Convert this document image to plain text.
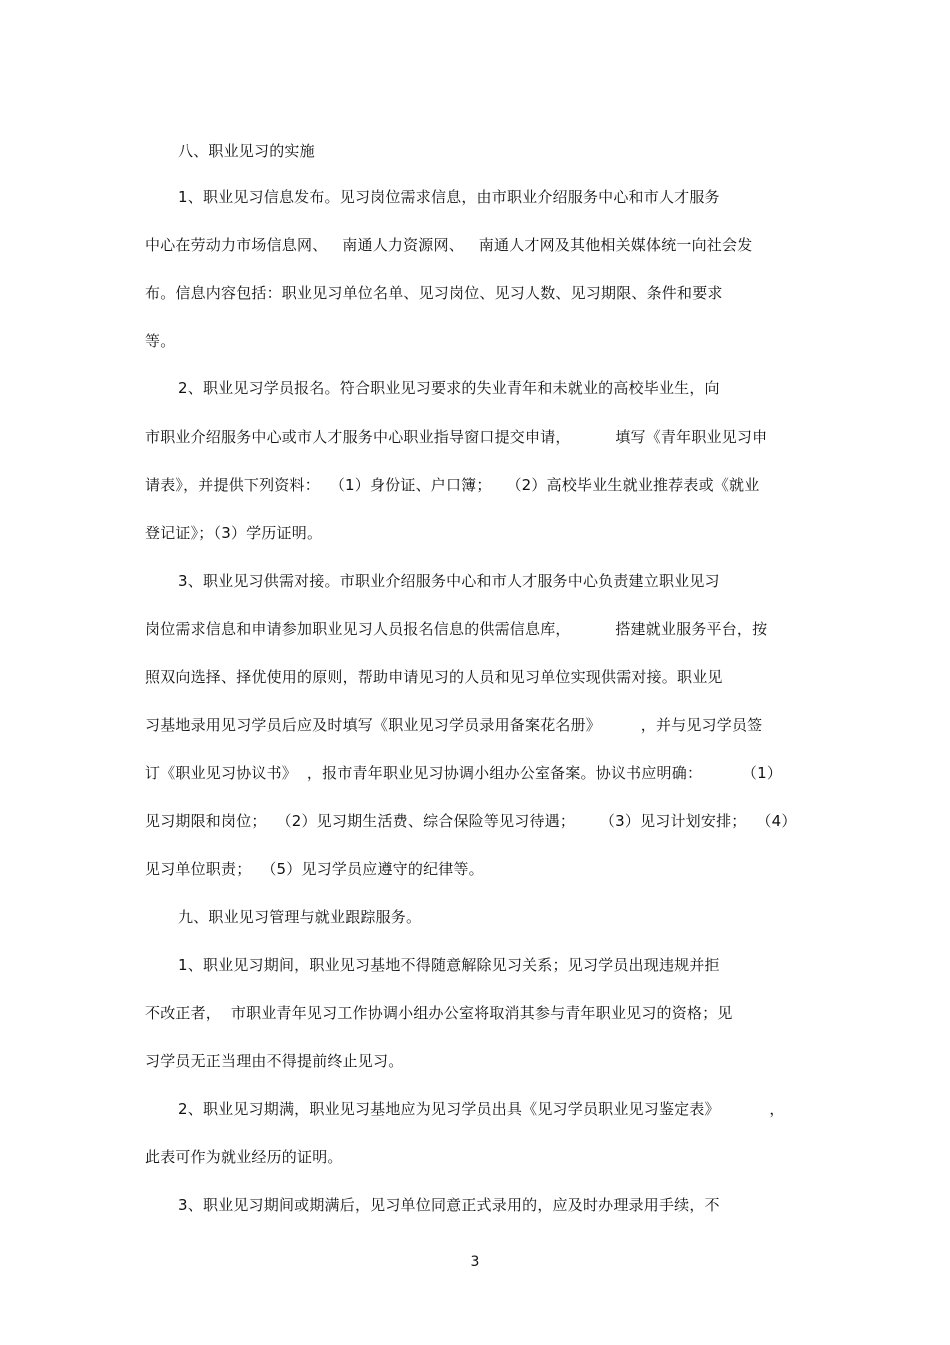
八、职业见习的实施
1、职业见习信息发布。见习岗位需求信息，由市职业介绍服务中心和市人才服务
中心在劳动力市场信息网、   南通人力资源网、   南通人才网及其他相关媒体统一向社会发
布。信息内容包括：职业见习单位名单、见习岗位、见习人数、见习期限、条件和要求
等。
2、职业见习学员报名。符合职业见习要求的失业青年和未就业的高校毕业生，向
市职业介绍服务中心或市人才服务中心职业指导窗口提交申请，         填写《青年职业见习申
请表》，并提供下列资料：  （1）身份证、户口簿；   （2）高校毕业生就业推荐表或《就业
登记证》；（3）学历证明。
3、职业见习供需对接。市职业介绍服务中心和市人才服务中心负责建立职业见习
岗位需求信息和申请参加职业见习人员报名信息的供需信息库，         搭建就业服务平台，按
照双向选择、择优使用的原则，帮助申请见习的人员和见习单位实现供需对接。职业见
习基地录用见习学员后应及时填写《职业见习学员录用备案花名册》        ，并与见习学员签
订《职业见习协议书》  ，报市青年职业见习协调小组办公室备案。协议书应明确：        （1）
见习期限和岗位；  （2）见习期生活费、综合保险等见习待遇；     （3）见习计划安排；  （4）
见习单位职责；  （5）见习学员应遵守的纪律等。
九、职业见习管理与就业跟踪服务。
1、职业见习期间，职业见习基地不得随意解除见习关系；见习学员出现违规并拒
不改正者，  市职业青年见习工作协调小组办公室将取消其参与青年职业见习的资格；见
习学员无正当理由不得提前终止见习。
2、职业见习期满，职业见习基地应为见习学员出具《见习学员职业见习鉴定表》          ，
此表可作为就业经历的证明。
3、职业见习期间或期满后，见习单位同意正式录用的，应及时办理录用手续，不
3
